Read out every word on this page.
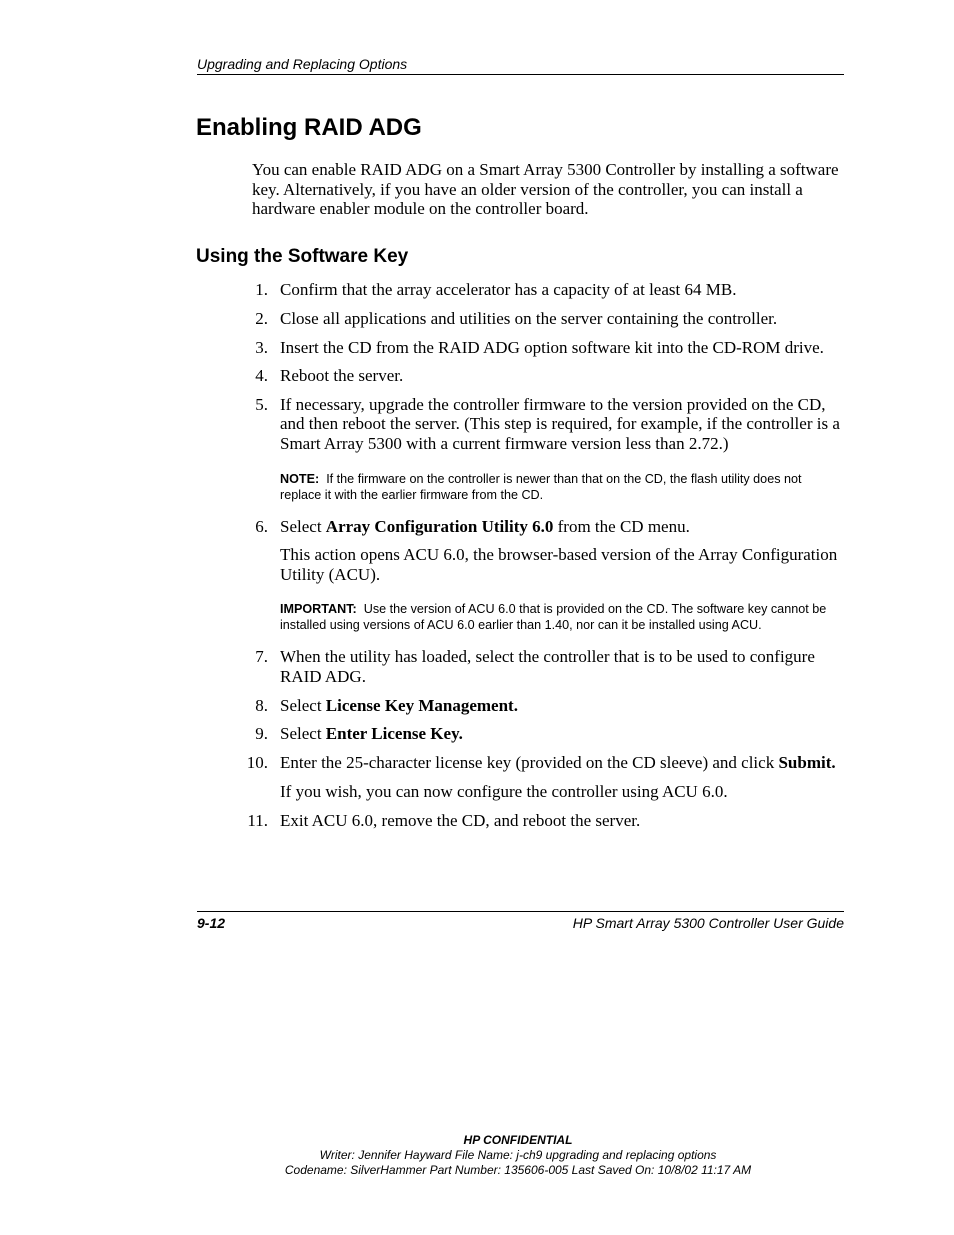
Upgrading and Replacing Options
Enabling RAID ADG

You can enable RAID ADG on a Smart Array 5300 Controller by installing a software key. Alternatively, if you have an older version of the controller, you can install a hardware enabler module on the controller board.

Using the Software Key
1. Confirm that the array accelerator has a capacity of at least 64 MB.

2. Close all applications and utilities on the server containing the controller.

3. Insert the CD from the RAID ADG option software kit into the CD-ROM drive.

4. Reboot the server.

5. If necessary, upgrade the controller firmware to the version provided on the CD, and then reboot the server. (This step is required, for example, if the controller is a Smart Array 5300 with a current firmware version less than 2.72.)

NOTE: If the firmware on the controller is newer than that on the CD, the flash utility does not replace it with the earlier firmware from the CD.
6. Select Array Configuration Utility 6.0 from the CD menu.

This action opens ACU 6.0, the browser-based version of the Array Configuration Utility (ACU).

IMPORTANT: Use the version of ACU 6.0 that is provided on the CD. The software key cannot be installed using versions of ACU 6.0 earlier than 1.40, nor can it be installed using ACU.
7. When the utility has loaded, select the controller that is to be used to configure RAID ADG.

8. Select License Key Management.

9. Select Enter License Key.

10. Enter the 25-character license key (provided on the CD sleeve) and click Submit.

If you wish, you can now configure the controller using ACU 6.0.

11. Exit ACU 6.0, remove the CD, and reboot the server.

9-12	HP Smart Array 5300 Controller User Guide
HP CONFIDENTIAL
Writer: Jennifer Hayward File Name: j-ch9 upgrading and replacing options
Codename: SilverHammer Part Number: 135606-005 Last Saved On: 10/8/02 11:17 AM
